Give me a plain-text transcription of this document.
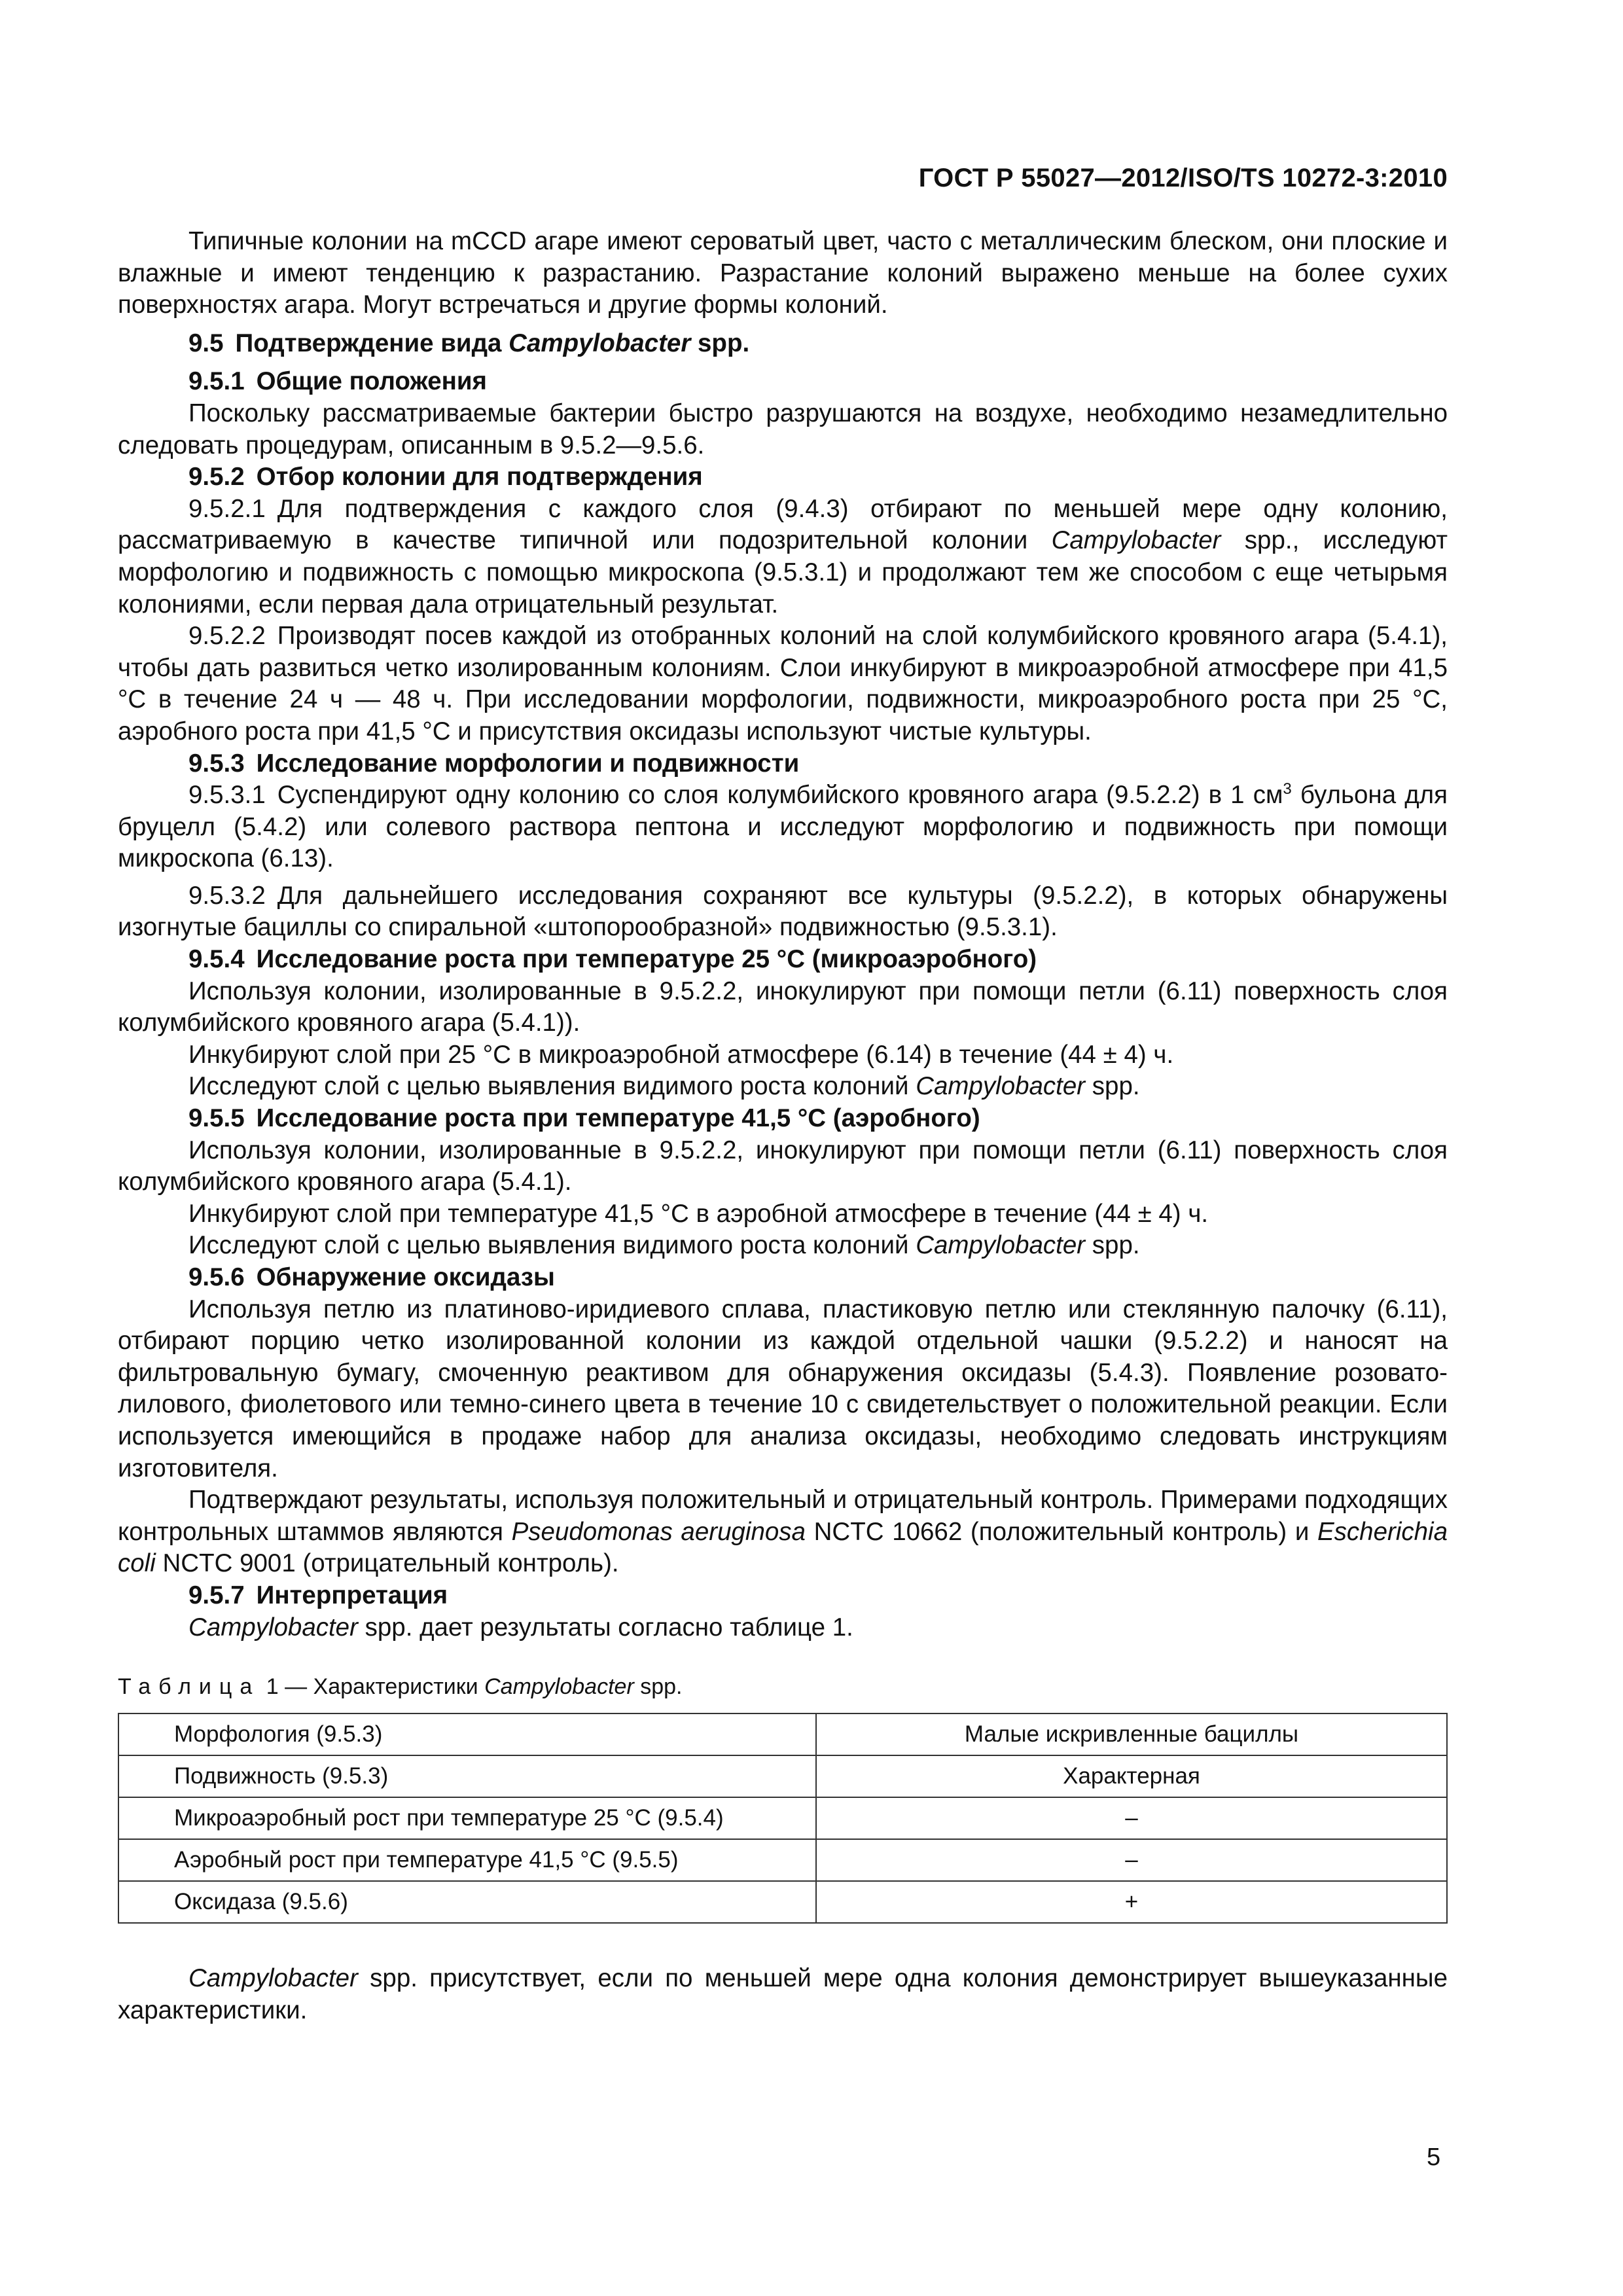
ГОСТ Р 55027—2012/ISO/TS 10272-3:2010

Типичные колонии на mCCD агаре имеют сероватый цвет, часто с металлическим блеском, они плоские и влажные и имеют тенденцию к разрастанию. Разрастание колоний выражено меньше на более сухих поверхностях агара. Могут встречаться и другие формы колоний.

9.5 Подтверждение вида Campylobacter spp.
9.5.1 Общие положения

Поскольку рассматриваемые бактерии быстро разрушаются на воздухе, необходимо незамедлительно следовать процедурам, описанным в 9.5.2—9.5.6.

9.5.2 Отбор колонии для подтверждения

9.5.2.1 Для подтверждения с каждого слоя (9.4.3) отбирают по меньшей мере одну колонию, рассматриваемую в качестве типичной или подозрительной колонии Campylobacter spp., исследуют морфологию и подвижность с помощью микроскопа (9.5.3.1) и продолжают тем же способом с еще четырьмя колониями, если первая дала отрицательный результат.

9.5.2.2 Производят посев каждой из отобранных колоний на слой колумбийского кровяного агара (5.4.1), чтобы дать развиться четко изолированным колониям. Слои инкубируют в микроаэробной атмосфере при 41,5 °С в течение 24 ч — 48 ч. При исследовании морфологии, подвижности, микроаэробного роста при 25 °С, аэробного роста при 41,5 °С и присутствия оксидазы используют чистые культуры.

9.5.3 Исследование морфологии и подвижности

9.5.3.1 Суспендируют одну колонию со слоя колумбийского кровяного агара (9.5.2.2) в 1 $см^3$ бульона для бруцелл (5.4.2) или солевого раствора пептона и исследуют морфологию и подвижность при помощи микроскопа (6.13).

9.5.3.2 Для дальнейшего исследования сохраняют все культуры (9.5.2.2), в которых обнаружены изогнутые бациллы со спиральной «штопорообразной» подвижностью (9.5.3.1).

9.5.4 Исследование роста при температуре 25 °С (микроаэробного)

Используя колонии, изолированные в 9.5.2.2, инокулируют при помощи петли (6.11) поверхность слоя колумбийского кровяного агара (5.4.1)).

Инкубируют слой при 25 °С в микроаэробной атмосфере (6.14) в течение (44 ± 4) ч.

Исследуют слой с целью выявления видимого роста колоний Campylobacter spp.

9.5.5 Исследование роста при температуре 41,5 °С (аэробного)

Используя колонии, изолированные в 9.5.2.2, инокулируют при помощи петли (6.11) поверхность слоя колумбийского кровяного агара (5.4.1).

Инкубируют слой при температуре 41,5 °С в аэробной атмосфере в течение (44 ± 4) ч.

Исследуют слой с целью выявления видимого роста колоний Campylobacter spp.

9.5.6 Обнаружение оксидазы

Используя петлю из платиново-иридиевого сплава, пластиковую петлю или стеклянную палочку (6.11), отбирают порцию четко изолированной колонии из каждой отдельной чашки (9.5.2.2) и наносят на фильтровальную бумагу, смоченную реактивом для обнаружения оксидазы (5.4.3). Появление розовато-лилового, фиолетового или темно-синего цвета в течение 10 с свидетельствует о положительной реакции. Если используется имеющийся в продаже набор для анализа оксидазы, необходимо следовать инструкциям изготовителя.

Подтверждают результаты, используя положительный и отрицательный контроль. Примерами подходящих контрольных штаммов являются Pseudomonas aeruginosa NCTC 10662 (положительный контроль) и Escherichia coli NCTC 9001 (отрицательный контроль).

9.5.7 Интерпретация

Campylobacter spp. дает результаты согласно таблице 1.

Таблица 1 — Характеристики Campylobacter spp.
Морфология (9.5.3)	Малые искривленные бациллы
Подвижность (9.5.3)	Характерная
Микроаэробный рост при температуре 25 °С (9.5.4)	–
Аэробный рост при температуре 41,5 °С (9.5.5)	–
Оксидаза (9.5.6)	+

Campylobacter spp. присутствует, если по меньшей мере одна колония демонстрирует вышеуказанные характеристики.

5
